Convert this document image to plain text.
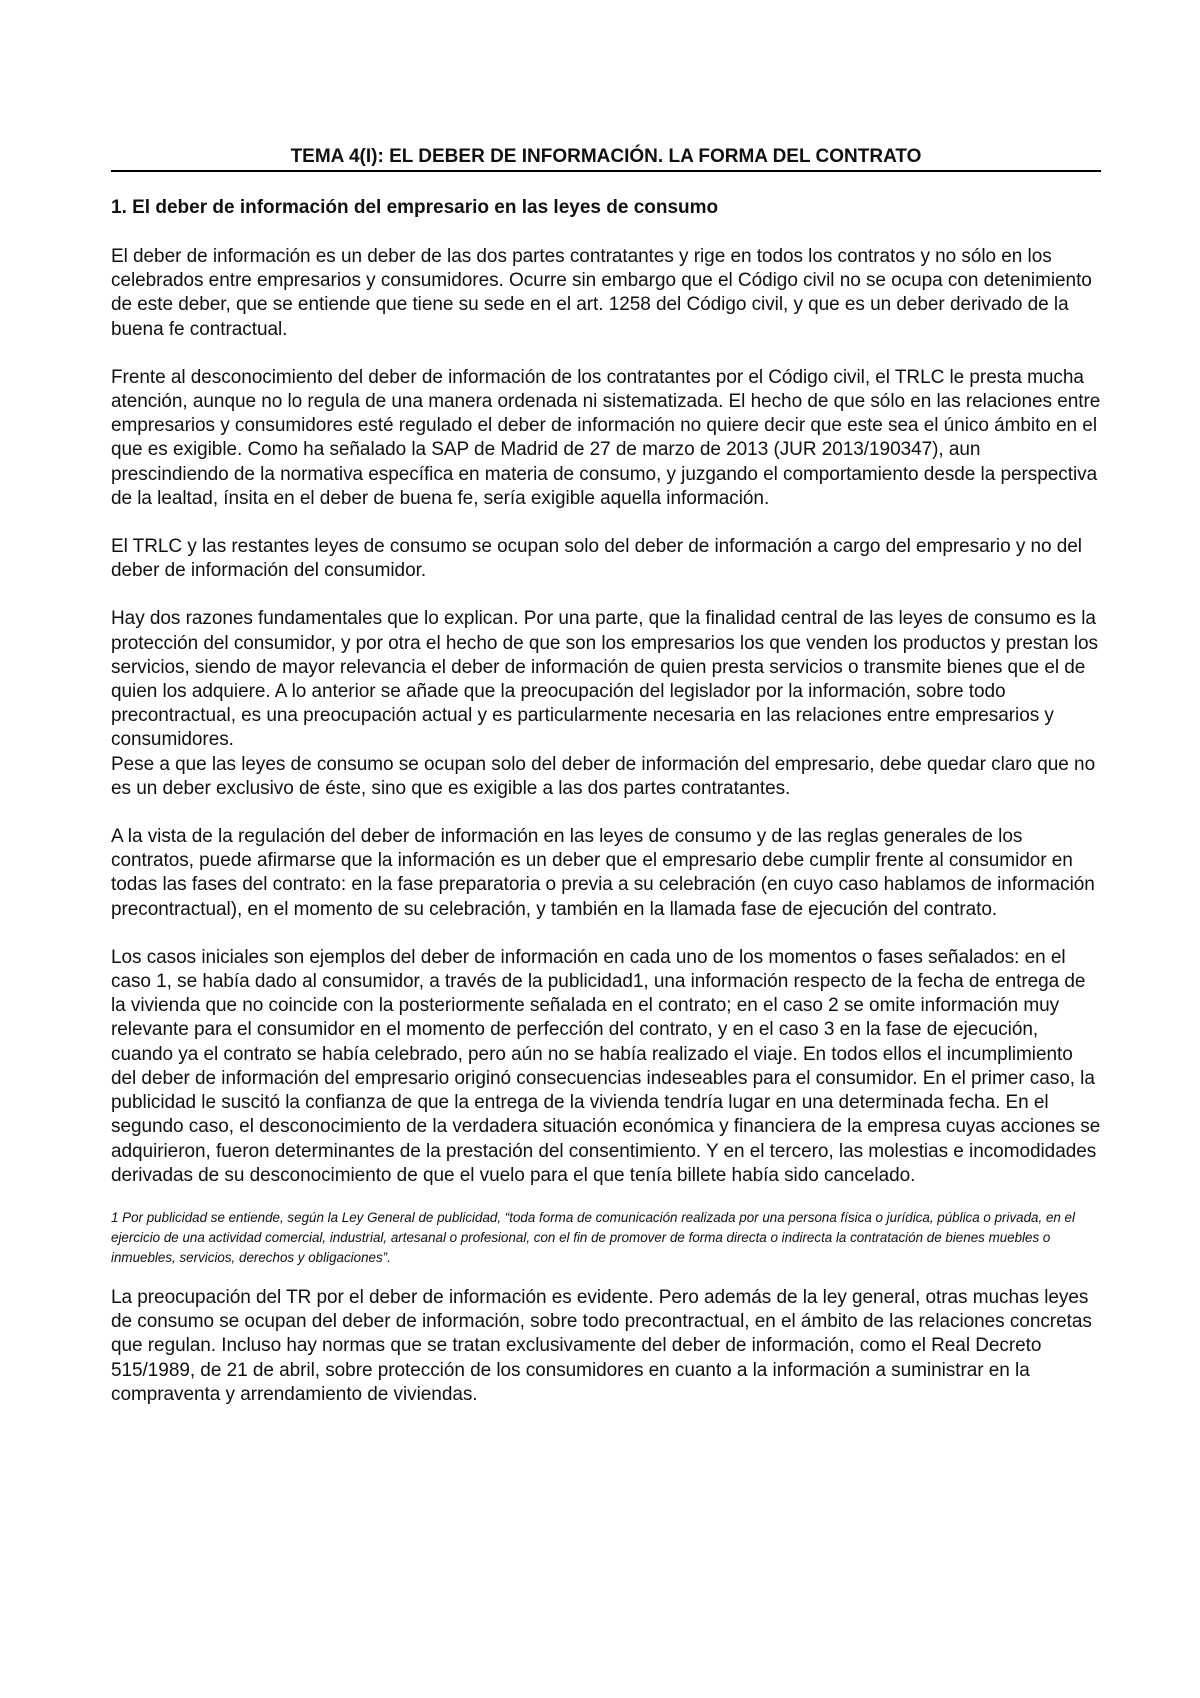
TEMA 4(I): EL DEBER DE INFORMACIÓN. LA FORMA DEL CONTRATO
1. El deber de información del empresario en las leyes de consumo

El deber de información es un deber de las dos partes contratantes y rige en todos los contratos y no sólo en los celebrados entre empresarios y consumidores. Ocurre sin embargo que el Código civil no se ocupa con detenimiento de este deber, que se entiende que tiene su sede en el art. 1258 del Código civil, y que es un deber derivado de la buena fe contractual.

Frente al desconocimiento del deber de información de los contratantes por el Código civil, el TRLC le presta mucha atención, aunque no lo regula de una manera ordenada ni sistematizada. El hecho de que sólo en las relaciones entre empresarios y consumidores esté regulado el deber de información no quiere decir que este sea el único ámbito en el que es exigible. Como ha señalado la SAP de Madrid de 27 de marzo de 2013 (JUR 2013/190347), aun prescindiendo de la normativa específica en materia de consumo, y juzgando el comportamiento desde la perspectiva de la lealtad, ínsita en el deber de buena fe, sería exigible aquella información.

El TRLC y las restantes leyes de consumo se ocupan solo del deber de información a cargo del empresario y no del deber de información del consumidor.

Hay dos razones fundamentales que lo explican. Por una parte, que la finalidad central de las leyes de consumo es la protección del consumidor, y por otra el hecho de que son los empresarios los que venden los productos y prestan los servicios, siendo de mayor relevancia el deber de información de quien presta servicios o transmite bienes que el de quien los adquiere. A lo anterior se añade que la preocupación del legislador por la información, sobre todo precontractual, es una preocupación actual y es particularmente necesaria en las relaciones entre empresarios y consumidores.

Pese a que las leyes de consumo se ocupan solo del deber de información del empresario, debe quedar claro que no es un deber exclusivo de éste, sino que es exigible a las dos partes contratantes.

A la vista de la regulación del deber de información en las leyes de consumo y de las reglas generales de los contratos, puede afirmarse que la información es un deber que el empresario debe cumplir frente al consumidor en todas las fases del contrato: en la fase preparatoria o previa a su celebración (en cuyo caso hablamos de información precontractual), en el momento de su celebración, y también en la llamada fase de ejecución del contrato.

Los casos iniciales son ejemplos del deber de información en cada uno de los momentos o fases señalados: en el caso 1, se había dado al consumidor, a través de la publicidad1, una información respecto de la fecha de entrega de la vivienda que no coincide con la posteriormente señalada en el contrato; en el caso 2 se omite información muy relevante para el consumidor en el momento de perfección del contrato, y en el caso 3 en la fase de ejecución, cuando ya el contrato se había celebrado, pero aún no se había realizado el viaje. En todos ellos el incumplimiento del deber de información del empresario originó consecuencias indeseables para el consumidor. En el primer caso, la publicidad le suscitó la confianza de que la entrega de la vivienda tendría lugar en una determinada fecha. En el segundo caso, el desconocimiento de la verdadera situación económica y financiera de la empresa cuyas acciones se adquirieron, fueron determinantes de la prestación del consentimiento. Y en el tercero, las molestias e incomodidades derivadas de su desconocimiento de que el vuelo para el que tenía billete había sido cancelado.

1 Por publicidad se entiende, según la Ley General de publicidad, “toda forma de comunicación realizada por una persona física o jurídica, pública o privada, en el ejercicio de una actividad comercial, industrial, artesanal o profesional, con el fin de promover de forma directa o indirecta la contratación de bienes muebles o inmuebles, servicios, derechos y obligaciones”.

La preocupación del TR por el deber de información es evidente. Pero además de la ley general, otras muchas leyes de consumo se ocupan del deber de información, sobre todo precontractual, en el ámbito de las relaciones concretas que regulan. Incluso hay normas que se tratan exclusivamente del deber de información, como el Real Decreto 515/1989, de 21 de abril, sobre protección de los consumidores en cuanto a la información a suministrar en la compraventa y arrendamiento de viviendas.
